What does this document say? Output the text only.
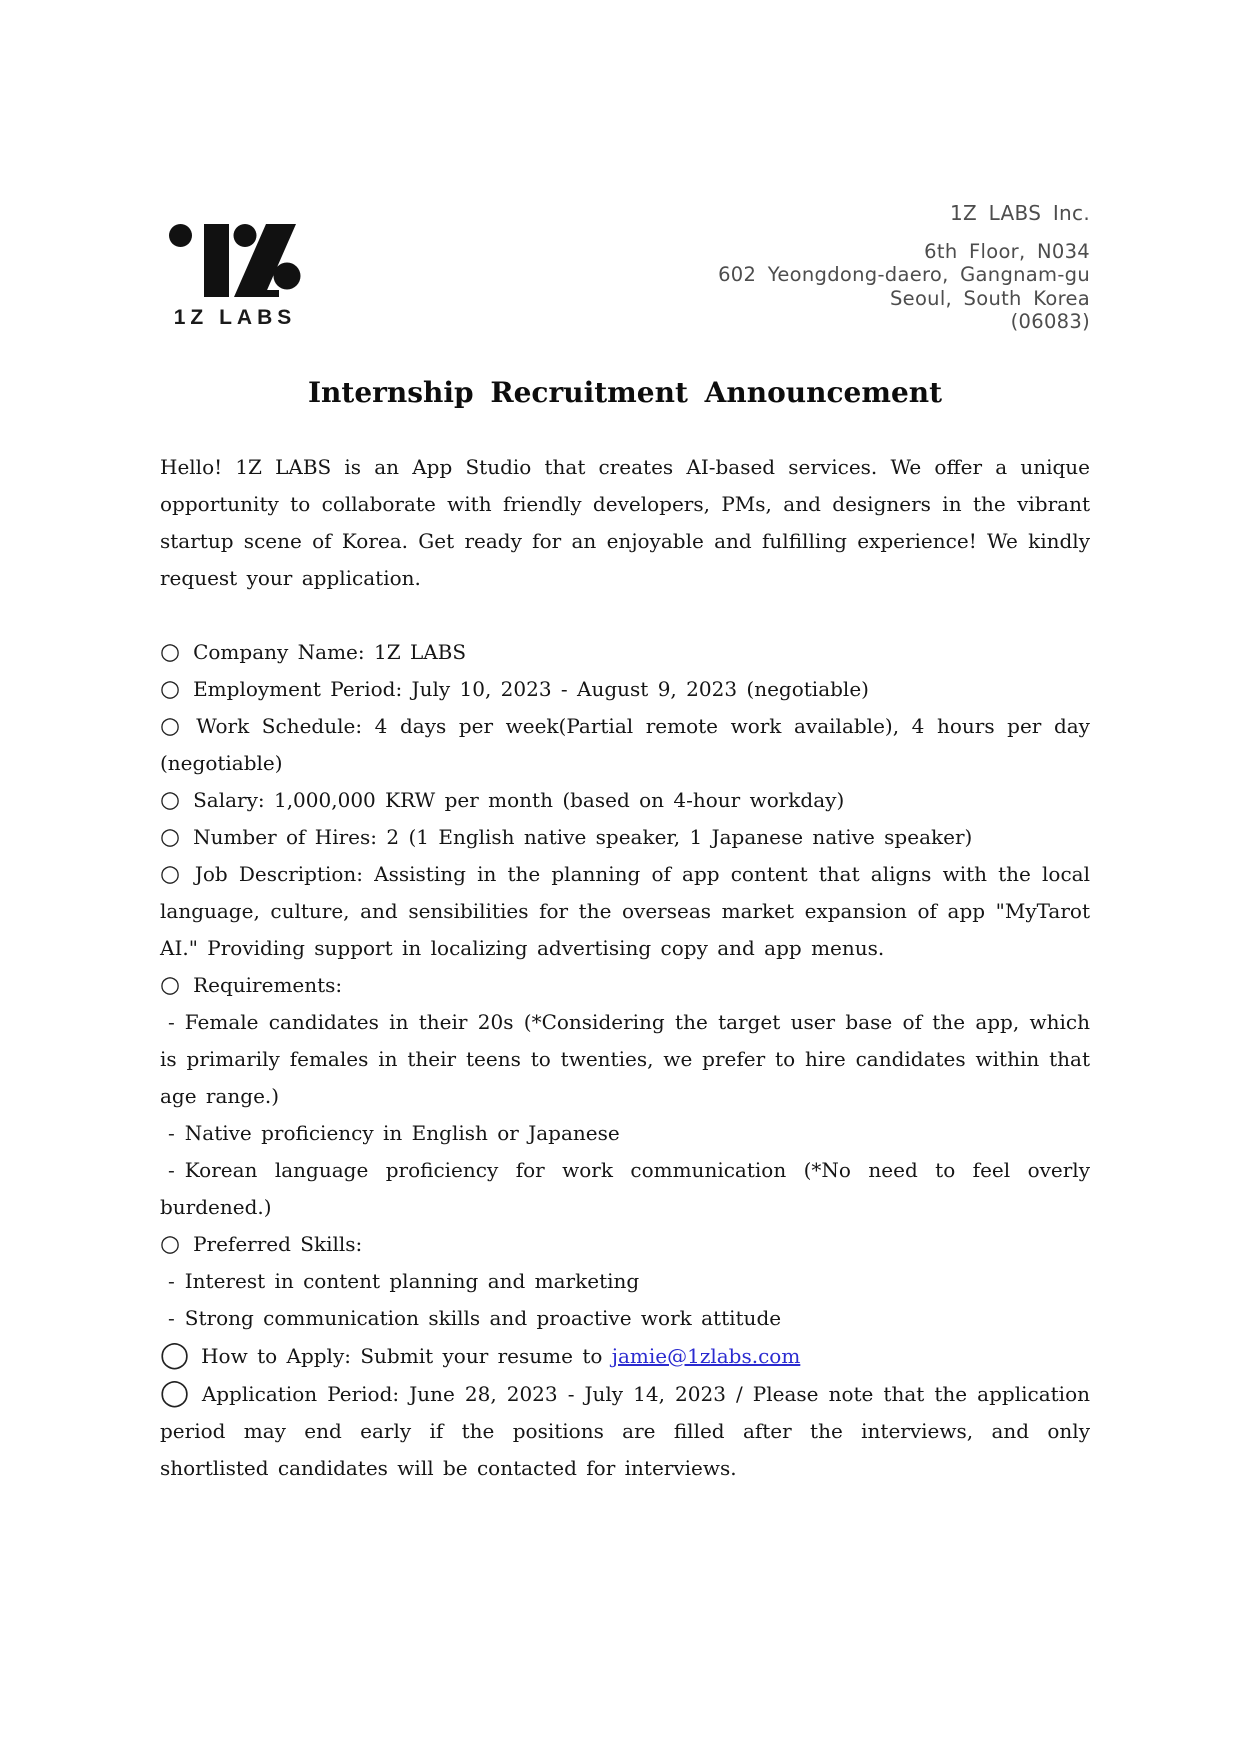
1Z LABS

1Z LABS Inc.

6th Floor, N034

602 Yeongdong-daero, Gangnam-gu

Seoul, South Korea

(06083)

Internship Recruitment Announcement

Hello! 1Z LABS is an App Studio that creates AI-based services. We offer a unique opportunity to collaborate with friendly developers, PMs, and designers in the vibrant startup scene of Korea. Get ready for an enjoyable and fulfilling experience! We kindly request your application.

○ Company Name: 1Z LABS

○ Employment Period: July 10, 2023 - August 9, 2023 (negotiable)

○ Work Schedule: 4 days per week(Partial remote work available), 4 hours per day (negotiable)

○ Salary: 1,000,000 KRW per month (based on 4-hour workday)

○ Number of Hires: 2 (1 English native speaker, 1 Japanese native speaker)

○ Job Description: Assisting in the planning of app content that aligns with the local language, culture, and sensibilities for the overseas market expansion of app "MyTarot AI." Providing support in localizing advertising copy and app menus.

○ Requirements:

- Female candidates in their 20s (*Considering the target user base of the app, which is primarily females in their teens to twenties, we prefer to hire candidates within that age range.)

- Native proficiency in English or Japanese

- Korean language proficiency for work communication (*No need to feel overly burdened.)

○ Preferred Skills:

- Interest in content planning and marketing

- Strong communication skills and proactive work attitude

◯ How to Apply: Submit your resume to jamie@1zlabs.com

◯ Application Period: June 28, 2023 - July 14, 2023 / Please note that the application period may end early if the positions are filled after the interviews, and only shortlisted candidates will be contacted for interviews.
